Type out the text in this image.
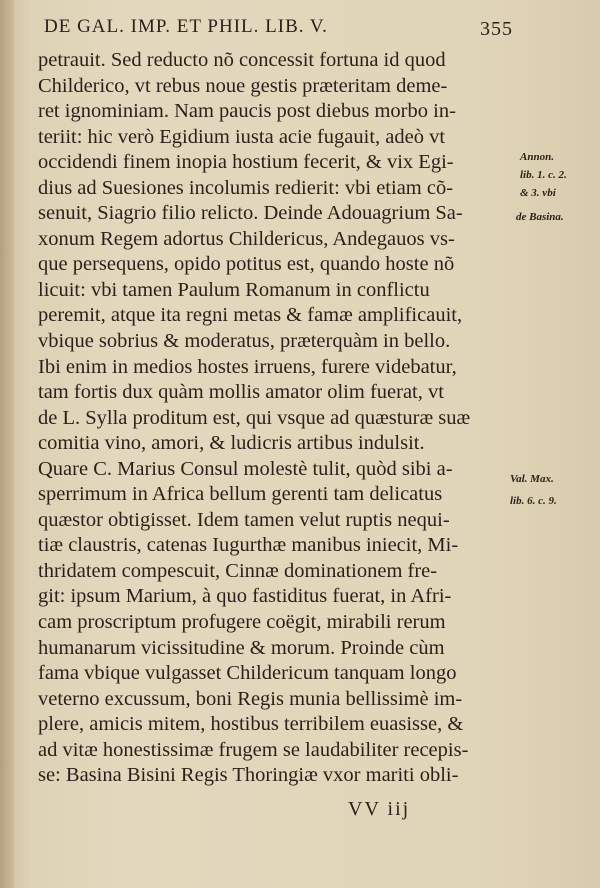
DE GAL. IMP. ET PHIL. LIB. V.	355
petrauit. Sed reducto nõ concessit fortuna id quod
Childerico, vt rebus noue gestis præteritam deme-
ret ignominiam. Nam paucis post diebus morbo in-
teriit: hic verò Egidium iusta acie fugauit, adeò vt
occidendi finem inopia hostium fecerit, & vix Egi-
dius ad Suesiones incolumis redierit: vbi etiam cõ-
senuit, Siagrio filio relicto. Deinde Adouagrium Sa-
xonum Regem adortus Childericus, Andegauos vs-
que persequens, opido potitus est, quando hoste nõ
licuit: vbi tamen Paulum Romanum in conflictu
peremit, atque ita regni metas & famæ amplificauit,
vbique sobrius & moderatus, præterquàm in bello.
Ibi enim in medios hostes irruens, furere videbatur,
tam fortis dux quàm mollis amator olim fuerat, vt
de L. Sylla proditum est, qui vsque ad quæsturæ suæ
comitia vino, amori, & ludicris artibus indulsit.
Quare C. Marius Consul molestè tulit, quòd sibi a-
sperrimum in Africa bellum gerenti tam delicatus
quæstor obtigisset. Idem tamen velut ruptis nequi-
tiæ claustris, catenas Iugurthæ manibus iniecit, Mi-
thridatem compescuit, Cinnæ dominationem fre-
git: ipsum Marium, à quo fastiditus fuerat, in Afri-
cam proscriptum profugere coëgit, mirabili rerum
humanarum vicissitudine & morum. Proinde cùm
fama vbique vulgasset Childericum tanquam longo
veterno excussum, boni Regis munia bellissimè im-
plere, amicis mitem, hostibus terribilem euasisse, &
ad vitæ honestissimæ frugem se laudabiliter recepis-
se: Basina Bisini Regis Thoringiæ vxor mariti obli-
Annon.
lib. 1. c. 2.
& 3. vbi
de Basina.
Val. Max.
lib. 6. c. 9.
VV iij
